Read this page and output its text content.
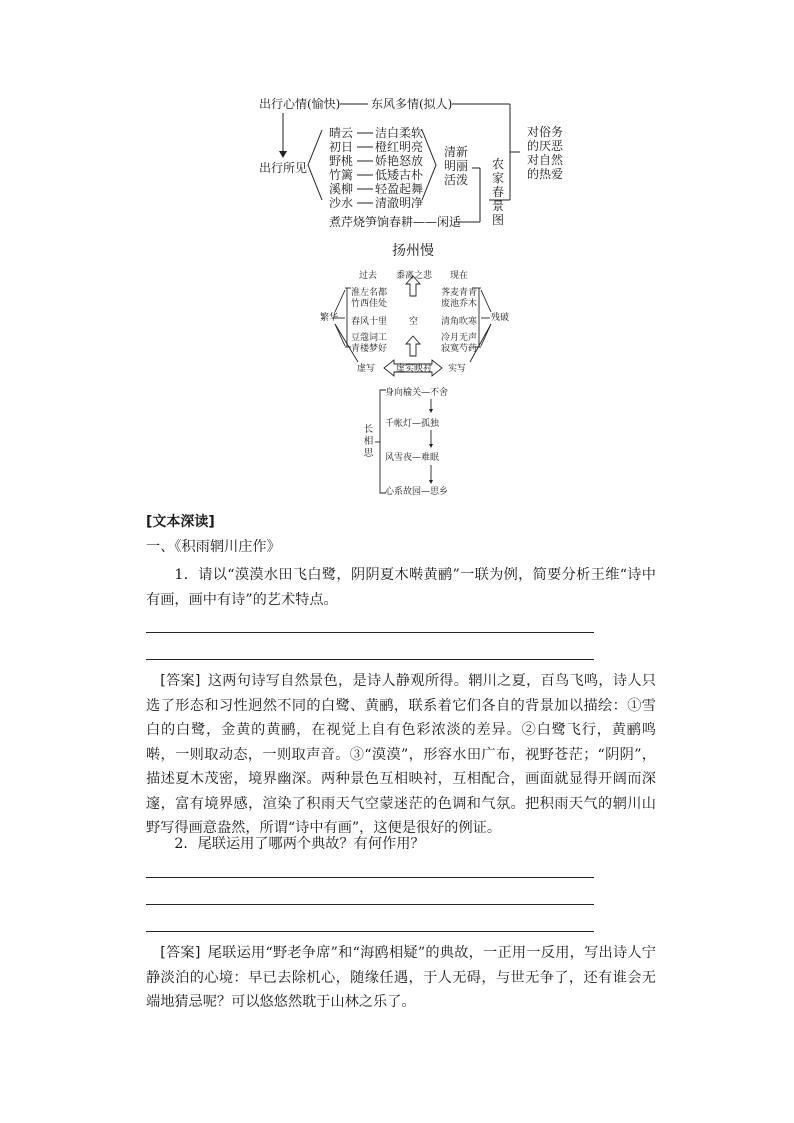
出行心情(愉快)	东风多情(拟人)
出行所见
晴云
初日
野桃
竹篱
溪柳
沙水
洁白柔软
橙红明亮
娇艳怒放
低矮古朴
轻盈起舞
清澈明净
清新
明丽
活泼
农家春景图
煮芹烧笋饷春耕——闲适
对俗务
的厌恶
对自然
的热爱
扬州慢
过去 黍离之悲 现在
繁华
淮左名都
竹西佳处
春风十里
豆蔻词工
青楼梦好
空
荠麦青青
废池乔木
清角吹寒
冷月无声
寂寞芍药
残破
虚写 虚实映衬 实写
长相思
身向榆关—不舍
千帐灯—孤独
风雪夜—难眠
心系故园—思乡
[文本深读]
一、《积雨辋川庄作》
1．请以“漠漠水田飞白鹭，阴阴夏木啭黄鹂”一联为例，简要分析王维“诗中有画，画中有诗”的艺术特点。
[答案] 这两句诗写自然景色，是诗人静观所得。辋川之夏，百鸟飞鸣，诗人只选了形态和习性迥然不同的白鹭、黄鹂，联系着它们各自的背景加以描绘：①雪白的白鹭，金黄的黄鹂，在视觉上自有色彩浓淡的差异。②白鹭飞行，黄鹂鸣啭，一则取动态，一则取声音。③“漠漠”，形容水田广布，视野苍茫；“阴阴”，描述夏木茂密，境界幽深。两种景色互相映衬，互相配合，画面就显得开阔而深邃，富有境界感，渲染了积雨天气空蒙迷茫的色调和气氛。把积雨天气的辋川山野写得画意盎然，所谓“诗中有画”，这便是很好的例证。
2．尾联运用了哪两个典故？有何作用？
[答案] 尾联运用“野老争席”和“海鸥相疑”的典故，一正用一反用，写出诗人宁静淡泊的心境：早已去除机心，随缘任遇，于人无碍，与世无争了，还有谁会无端地猜忌呢？可以悠悠然耽于山林之乐了。
